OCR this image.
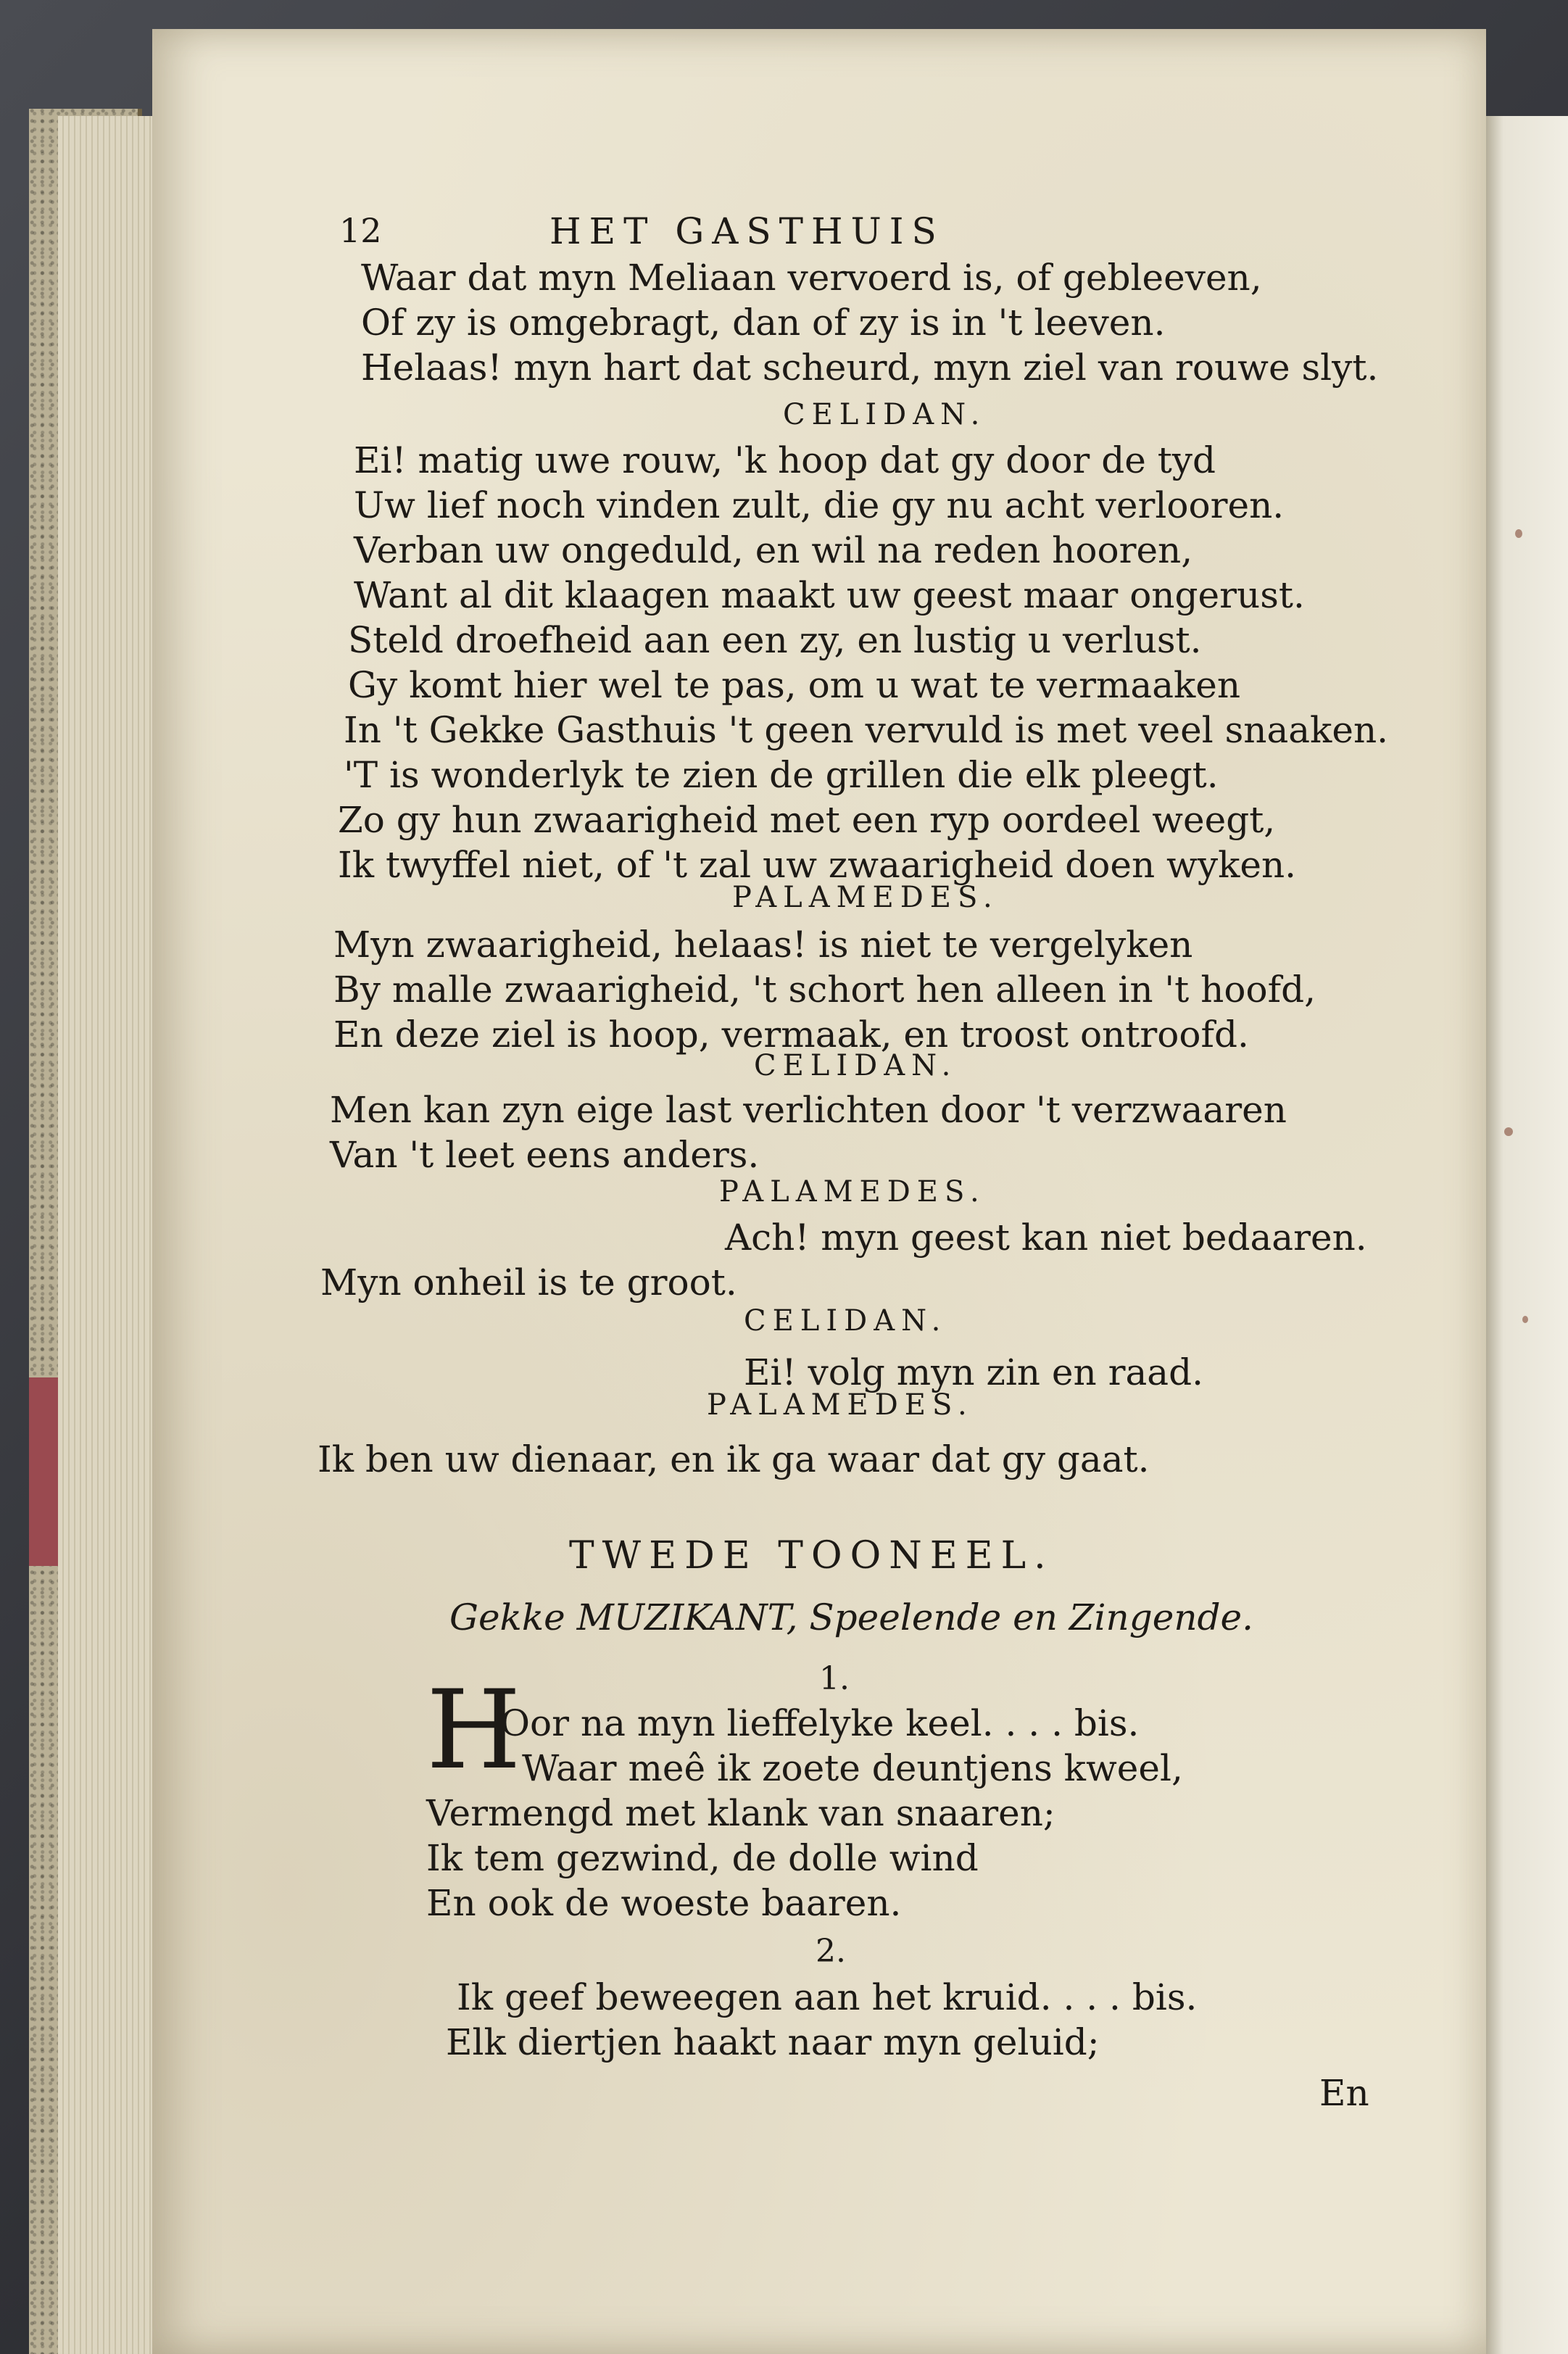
12	HET GASTHUIS
Waar dat myn Meliaan vervoerd is, of gebleeven,
Of zy is omgebragt, dan of zy is in 't leeven.
Helaas! myn hart dat scheurd, myn ziel van rouwe slyt.
CELIDAN.
Ei! matig uwe rouw, 'k hoop dat gy door de tyd
Uw lief noch vinden zult, die gy nu acht verlooren.
Verban uw ongeduld, en wil na reden hooren,
Want al dit klaagen maakt uw geest maar ongerust.
Steld droefheid aan een zy, en lustig u verlust.
Gy komt hier wel te pas, om u wat te vermaaken
In 't Gekke Gasthuis 't geen vervuld is met veel snaaken.
'T is wonderlyk te zien de grillen die elk pleegt.
Zo gy hun zwaarigheid met een ryp oordeel weegt,
Ik twyffel niet, of 't zal uw zwaarigheid doen wyken.
PALAMEDES.
Myn zwaarigheid, helaas! is niet te vergelyken
By malle zwaarigheid, 't schort hen alleen in 't hoofd,
En deze ziel is hoop, vermaak, en troost ontroofd.
CELIDAN.
Men kan zyn eige last verlichten door 't verzwaaren
Van 't leet eens anders.
PALAMEDES.
Ach! myn geest kan niet bedaaren.
Myn onheil is te groot.
CELIDAN.
Ei! volg myn zin en raad.
PALAMEDES.
Ik ben uw dienaar, en ik ga waar dat gy gaat.
TWEDE TOONEEL.
Gekke MUZIKANT, Speelende en Zingende.
1.
H
Oor na myn lieffelyke keel. . . . bis.
Waar meê ik zoete deuntjens kweel,
Vermengd met klank van snaaren;
Ik tem gezwind, de dolle wind
En ook de woeste baaren.
2.
Ik geef beweegen aan het kruid. . . . bis.
Elk diertjen haakt naar myn geluid;
En
